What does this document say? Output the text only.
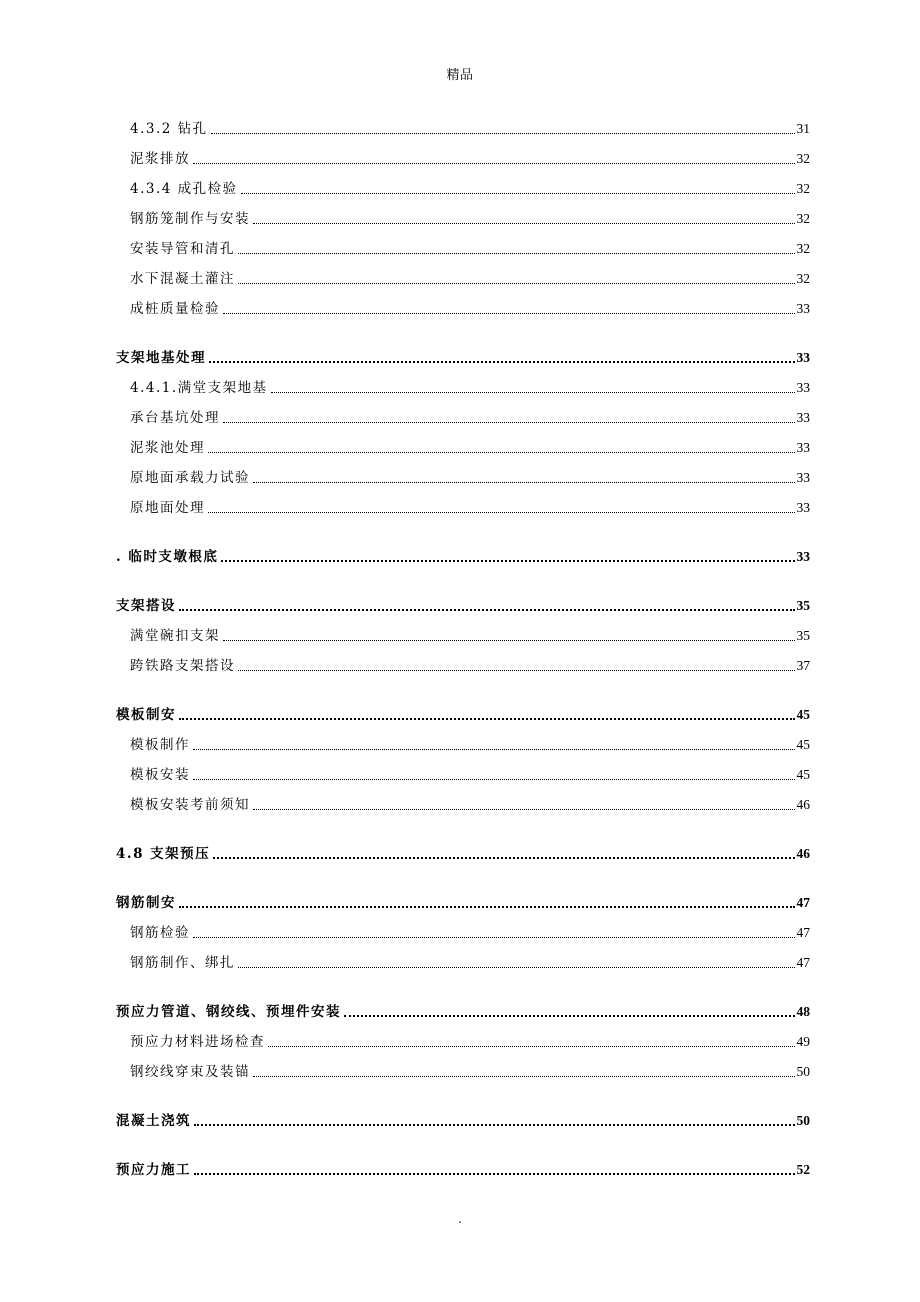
精品
4.3.2 钻孔	31
泥浆排放	32
4.3.4 成孔检验	32
钢筋笼制作与安装	32
安装导管和清孔	32
水下混凝土灌注	32
成桩质量检验	33
支架地基处理	33
4.4.1.满堂支架地基	33
承台基坑处理	33
泥浆池处理	33
原地面承载力试验	33
原地面处理	33
. 临时支墩根底	33
支架搭设	35
满堂碗扣支架	35
跨铁路支架搭设	37
模板制安	45
模板制作	45
模板安装	45
模板安装考前须知	46
4.8 支架预压	46
钢筋制安	47
钢筋检验	47
钢筋制作、绑扎	47
预应力管道、钢绞线、预埋件安装	48
预应力材料进场检查	49
钢绞线穿束及装锚	50
混凝土浇筑	50
预应力施工	52
.
